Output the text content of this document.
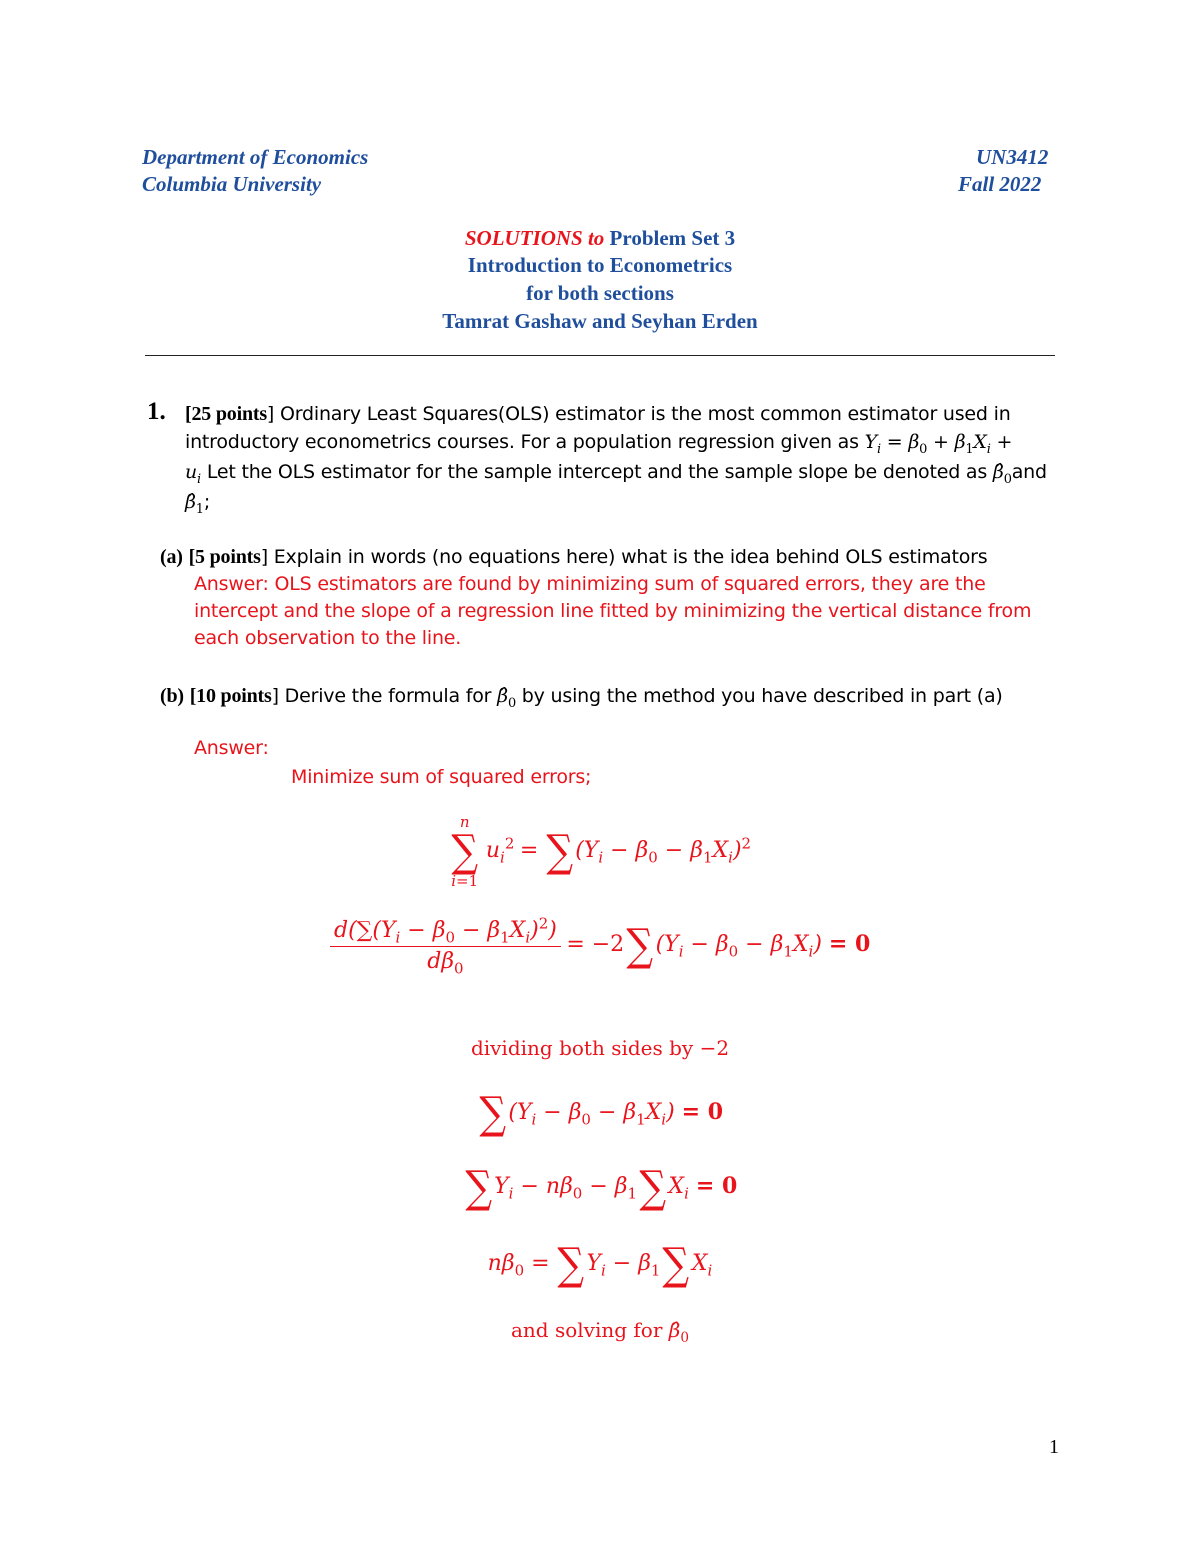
Department of Economics
Columbia University
UN3412
Fall 2022
SOLUTIONS to Problem Set 3
Introduction to Econometrics
for both sections
Tamrat Gashaw and Seyhan Erden
1. [25 points] Ordinary Least Squares(OLS) estimator is the most common estimator used in
introductory econometrics courses. For a population regression given as $Y_i = \beta_0 + \beta_1X_i$ +
$u_i$ Let the OLS estimator for the sample intercept and the sample slope be denoted as $\betâ_0and$
$\betâ_1$;
(a) [5 points] Explain in words (no equations here) what is the idea behind OLS estimators
Answer: OLS estimators are found by minimizing sum of squared errors, they are the
intercept and the slope of a regression line fitted by minimizing the vertical distance from
each observation to the line.
(b) [10 points] Derive the formula for $\betâ_0$ by using the method you have described in part (a)
Answer:
Minimize sum of squared errors;
n
∑
i=1
$u_i^2$ = ∑ $(Y_i - \beta_0 - \beta_1X_i)^2$
$\frac{d(\sum(Y_i - \beta_0 - \beta_1X_i)^2)}{d\beta_0} = -2\sum$ $(Y_i - \beta_0 - \beta_1X_i) = 0$
dividing both sides by −2
∑ $(Y_i - \beta_0 - \beta_1X_i) = 0$
∑ $Y_i - n\beta_0 - \beta_1\sum$ $X_i = 0$
$n\beta_0$ = ∑ $Y_i - \beta_1\sum$ $X_i$
and solving for $\betâ_0$
1
